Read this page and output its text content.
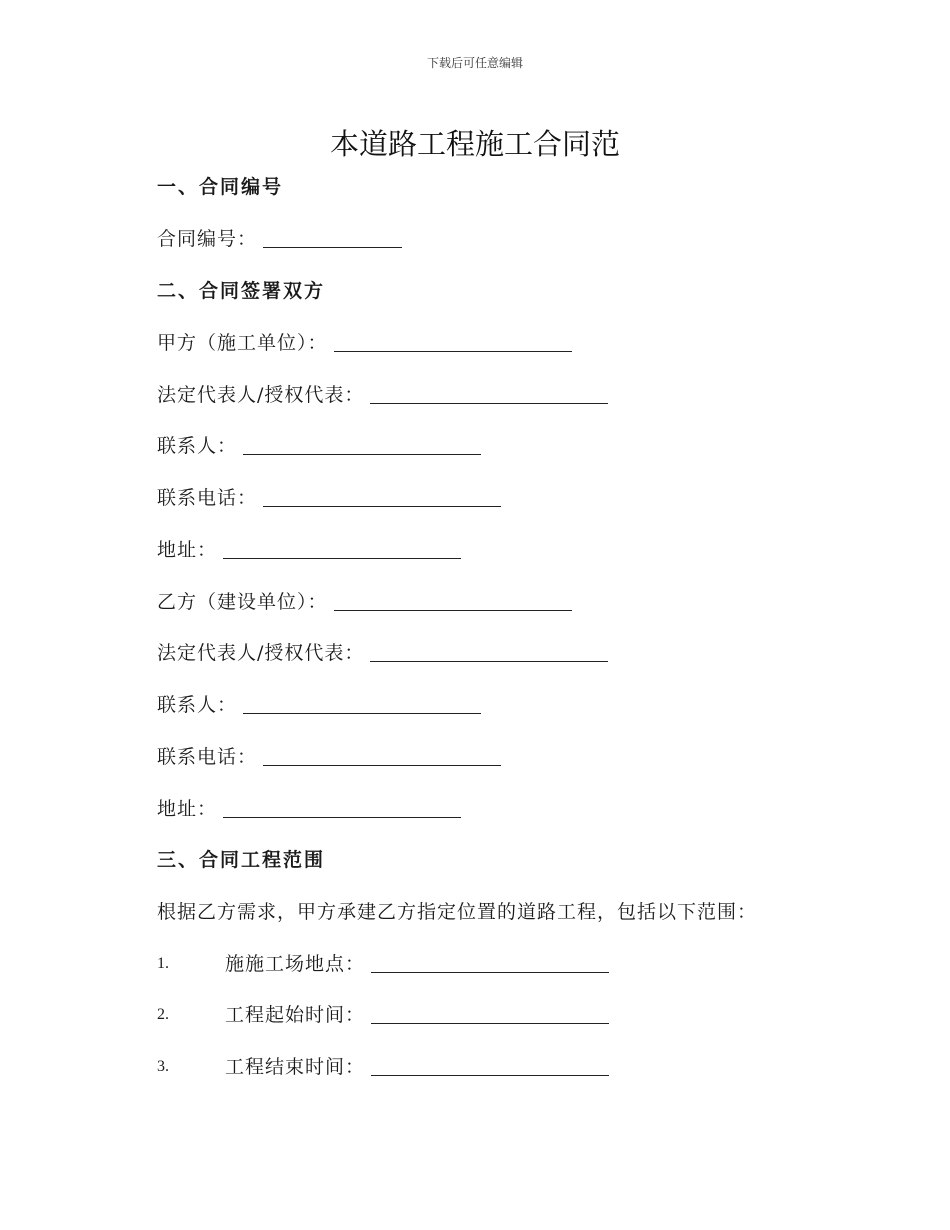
下载后可任意编辑
本道路工程施工合同范
一、合同编号
合同编号：
二、合同签署双方
甲方（施工单位）：
法定代表人/授权代表：
联系人：
联系电话：
地址：
乙方（建设单位）：
法定代表人/授权代表：
联系人：
联系电话：
地址：
三、合同工程范围
根据乙方需求，甲方承建乙方指定位置的道路工程，包括以下范围：
1.	施施工场地点：
2.	工程起始时间：
3.	工程结束时间：
